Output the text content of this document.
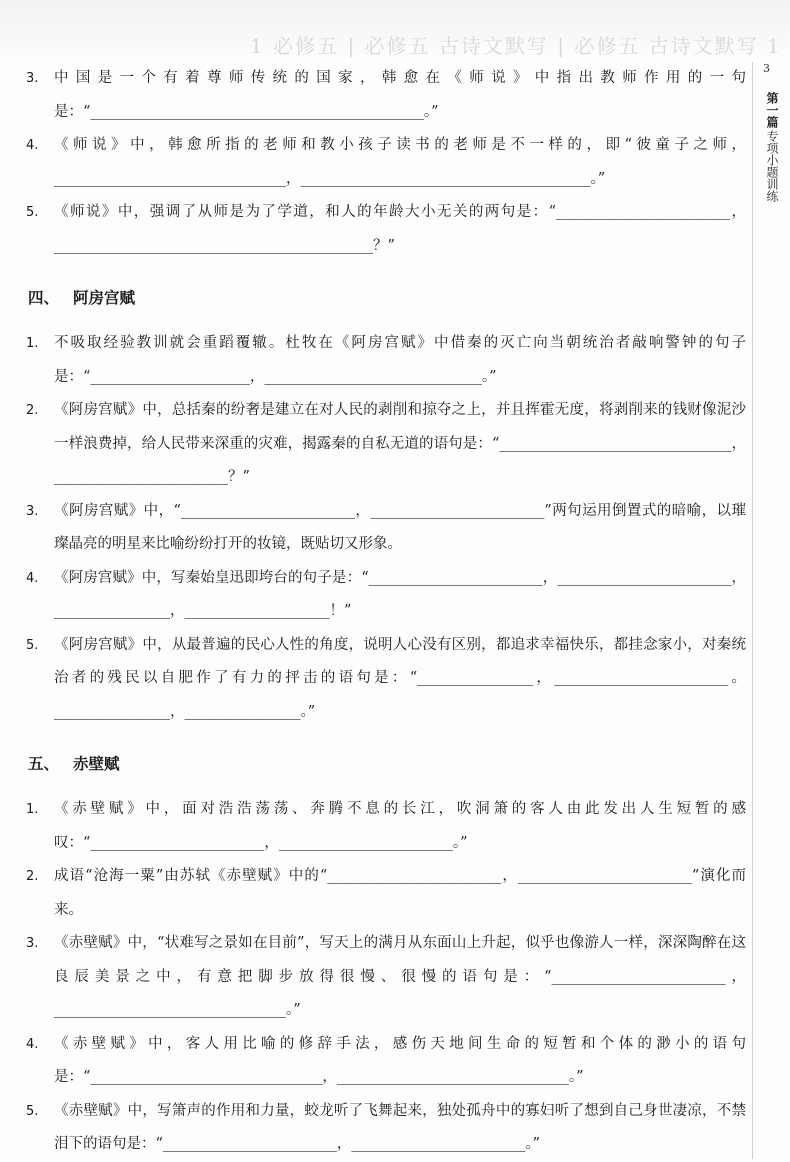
1 必修五 | 必修五 古诗文默写 | 必修五 古诗文默写 1
3
第一篇
专项小题训练
3. 中国是一个有着尊师传统的国家，韩愈在《师说》中指出教师作用的一句是：“______________________________________________。”
4. 《师说》中，韩愈所指的老师和教小孩子读书的老师是不一样的，即“彼童子之师，________________________________，________________________________________。”
5. 《师说》中，强调了从师是为了学道，和人的年龄大小无关的两句是：“________________________，____________________________________________？”
四、 阿房宫赋
1. 不吸取经验教训就会重蹈覆辙。杜牧在《阿房宫赋》中借秦的灭亡向当朝统治者敲响警钟的句子是：“______________________，______________________________。”
2. 《阿房宫赋》中，总括秦的纷奢是建立在对人民的剥削和掠夺之上，并且挥霍无度，将剥削来的钱财像泥沙一样浪费掉，给人民带来深重的灾难，揭露秦的自私无道的语句是：“________________________________，________________________？”
3. 《阿房宫赋》中，“________________________，________________________”两句运用倒置式的暗喻，以璀璨晶亮的明星来比喻纷纷打开的妆镜，既贴切又形象。
4. 《阿房宫赋》中，写秦始皇迅即垮台的句子是：“________________________，________________________，________________，____________________！”
5. 《阿房宫赋》中，从最普遍的民心人性的角度，说明人心没有区别，都追求幸福快乐，都挂念家小，对秦统治者的残民以自肥作了有力的抨击的语句是：“________________，________________________。________________，________________。”
五、 赤壁赋
1. 《赤壁赋》中，面对浩浩荡荡、奔腾不息的长江，吹洞箫的客人由此发出人生短暂的感叹：“________________________，________________________。”
2. 成语“沧海一粟”由苏轼《赤壁赋》中的“________________________，________________________”演化而来。
3. 《赤壁赋》中，“状难写之景如在目前”，写天上的满月从东面山上升起，似乎也像游人一样，深深陶醉在这良辰美景之中，有意把脚步放得很慢、很慢的语句是：“________________________，________________________________。”
4. 《赤壁赋》中，客人用比喻的修辞手法，感伤天地间生命的短暂和个体的渺小的语句是：“________________________________，________________________________。”
5. 《赤壁赋》中，写箫声的作用和力量，蛟龙听了飞舞起来，独处孤舟中的寡妇听了想到自己身世凄凉，不禁泪下的语句是：“________________________，________________________。”
